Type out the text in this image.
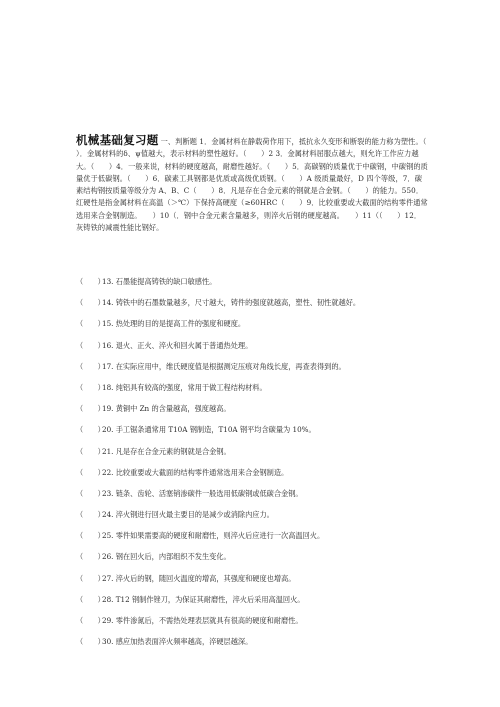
机械基础复习题 一、判断题 1．金属材料在静载荷作用下，抵抗永久变形和断裂的能力称为塑性。（　　）．金属材料的δ、ψ值越大，表示材料的塑性越好。（　　）2 3．金属材料屈服点越大，则允许工作应力越大。（　　）4．一般来说，材料的硬度越高，耐磨性越好。（　　）5．高碳钢的质量优于中碳钢，中碳钢的质量优于低碳钢。（　　）6．碳素工具钢都是优质或高级优质钢。（　　）A 级质量最好，D 四个等级，7．碳素结构钢按质量等级分为 A、B、C（　　）8．凡是存在合金元素的钢就是合金钢。（　　）的能力。550．红硬性是指金属材料在高温（＞℃）下保持高硬度（≥60HRC（　　）9．比较重要或大截面的结构零件通常选用来合金钢制造。　　）10（．钢中合金元素含量越多，则淬火后钢的硬度越高。　　）11（（　　）12．灰铸铁的减震性能比钢好。
（　　）13. 石墨能提高铸铁的缺口敏感性。
（　　）14. 铸铁中的石墨数量越多，尺寸越大，铸件的强度就越高，塑性、韧性就越好。
（　　）15. 热处理的目的是提高工件的强度和硬度。
（　　）16. 退火、正火、淬火和回火属于普通热处理。
（　　）17. 在实际应用中，维氏硬度值是根据测定压痕对角线长度，再查表得到的。
（　　）18. 纯铝具有较高的强度，常用于做工程结构材料。
（　　）19. 黄铜中 Zn 的含量越高，强度越高。
（　　）20. 手工锯条通常用 T10A 钢制造，T10A 钢平均含碳量为 10%。
（　　）21. 凡是存在合金元素的钢就是合金钢。
（　　）22. 比较重要或大截面的结构零件通常选用来合金钢制造。
（　　）23. 链条、齿轮、活塞销渗碳件一般选用低碳钢或低碳合金钢。
（　　）24. 淬火钢进行回火最主要目的是减少或消除内应力。
（　　）25. 零件如果需要高的硬度和耐磨性，则淬火后应进行一次高温回火。
（　　）26. 钢在回火后，内部组织不发生变化。
（　　）27. 淬火后的钢，随回火温度的增高，其强度和硬度也增高。
（　　）28. T12 钢制作锉刀，为保证其耐磨性，淬火后采用高温回火。
（　　）29. 零件渗氮后，不需热处理表层就具有很高的硬度和耐磨性。
（　　）30. 感应加热表面淬火频率越高，淬硬层越深。
